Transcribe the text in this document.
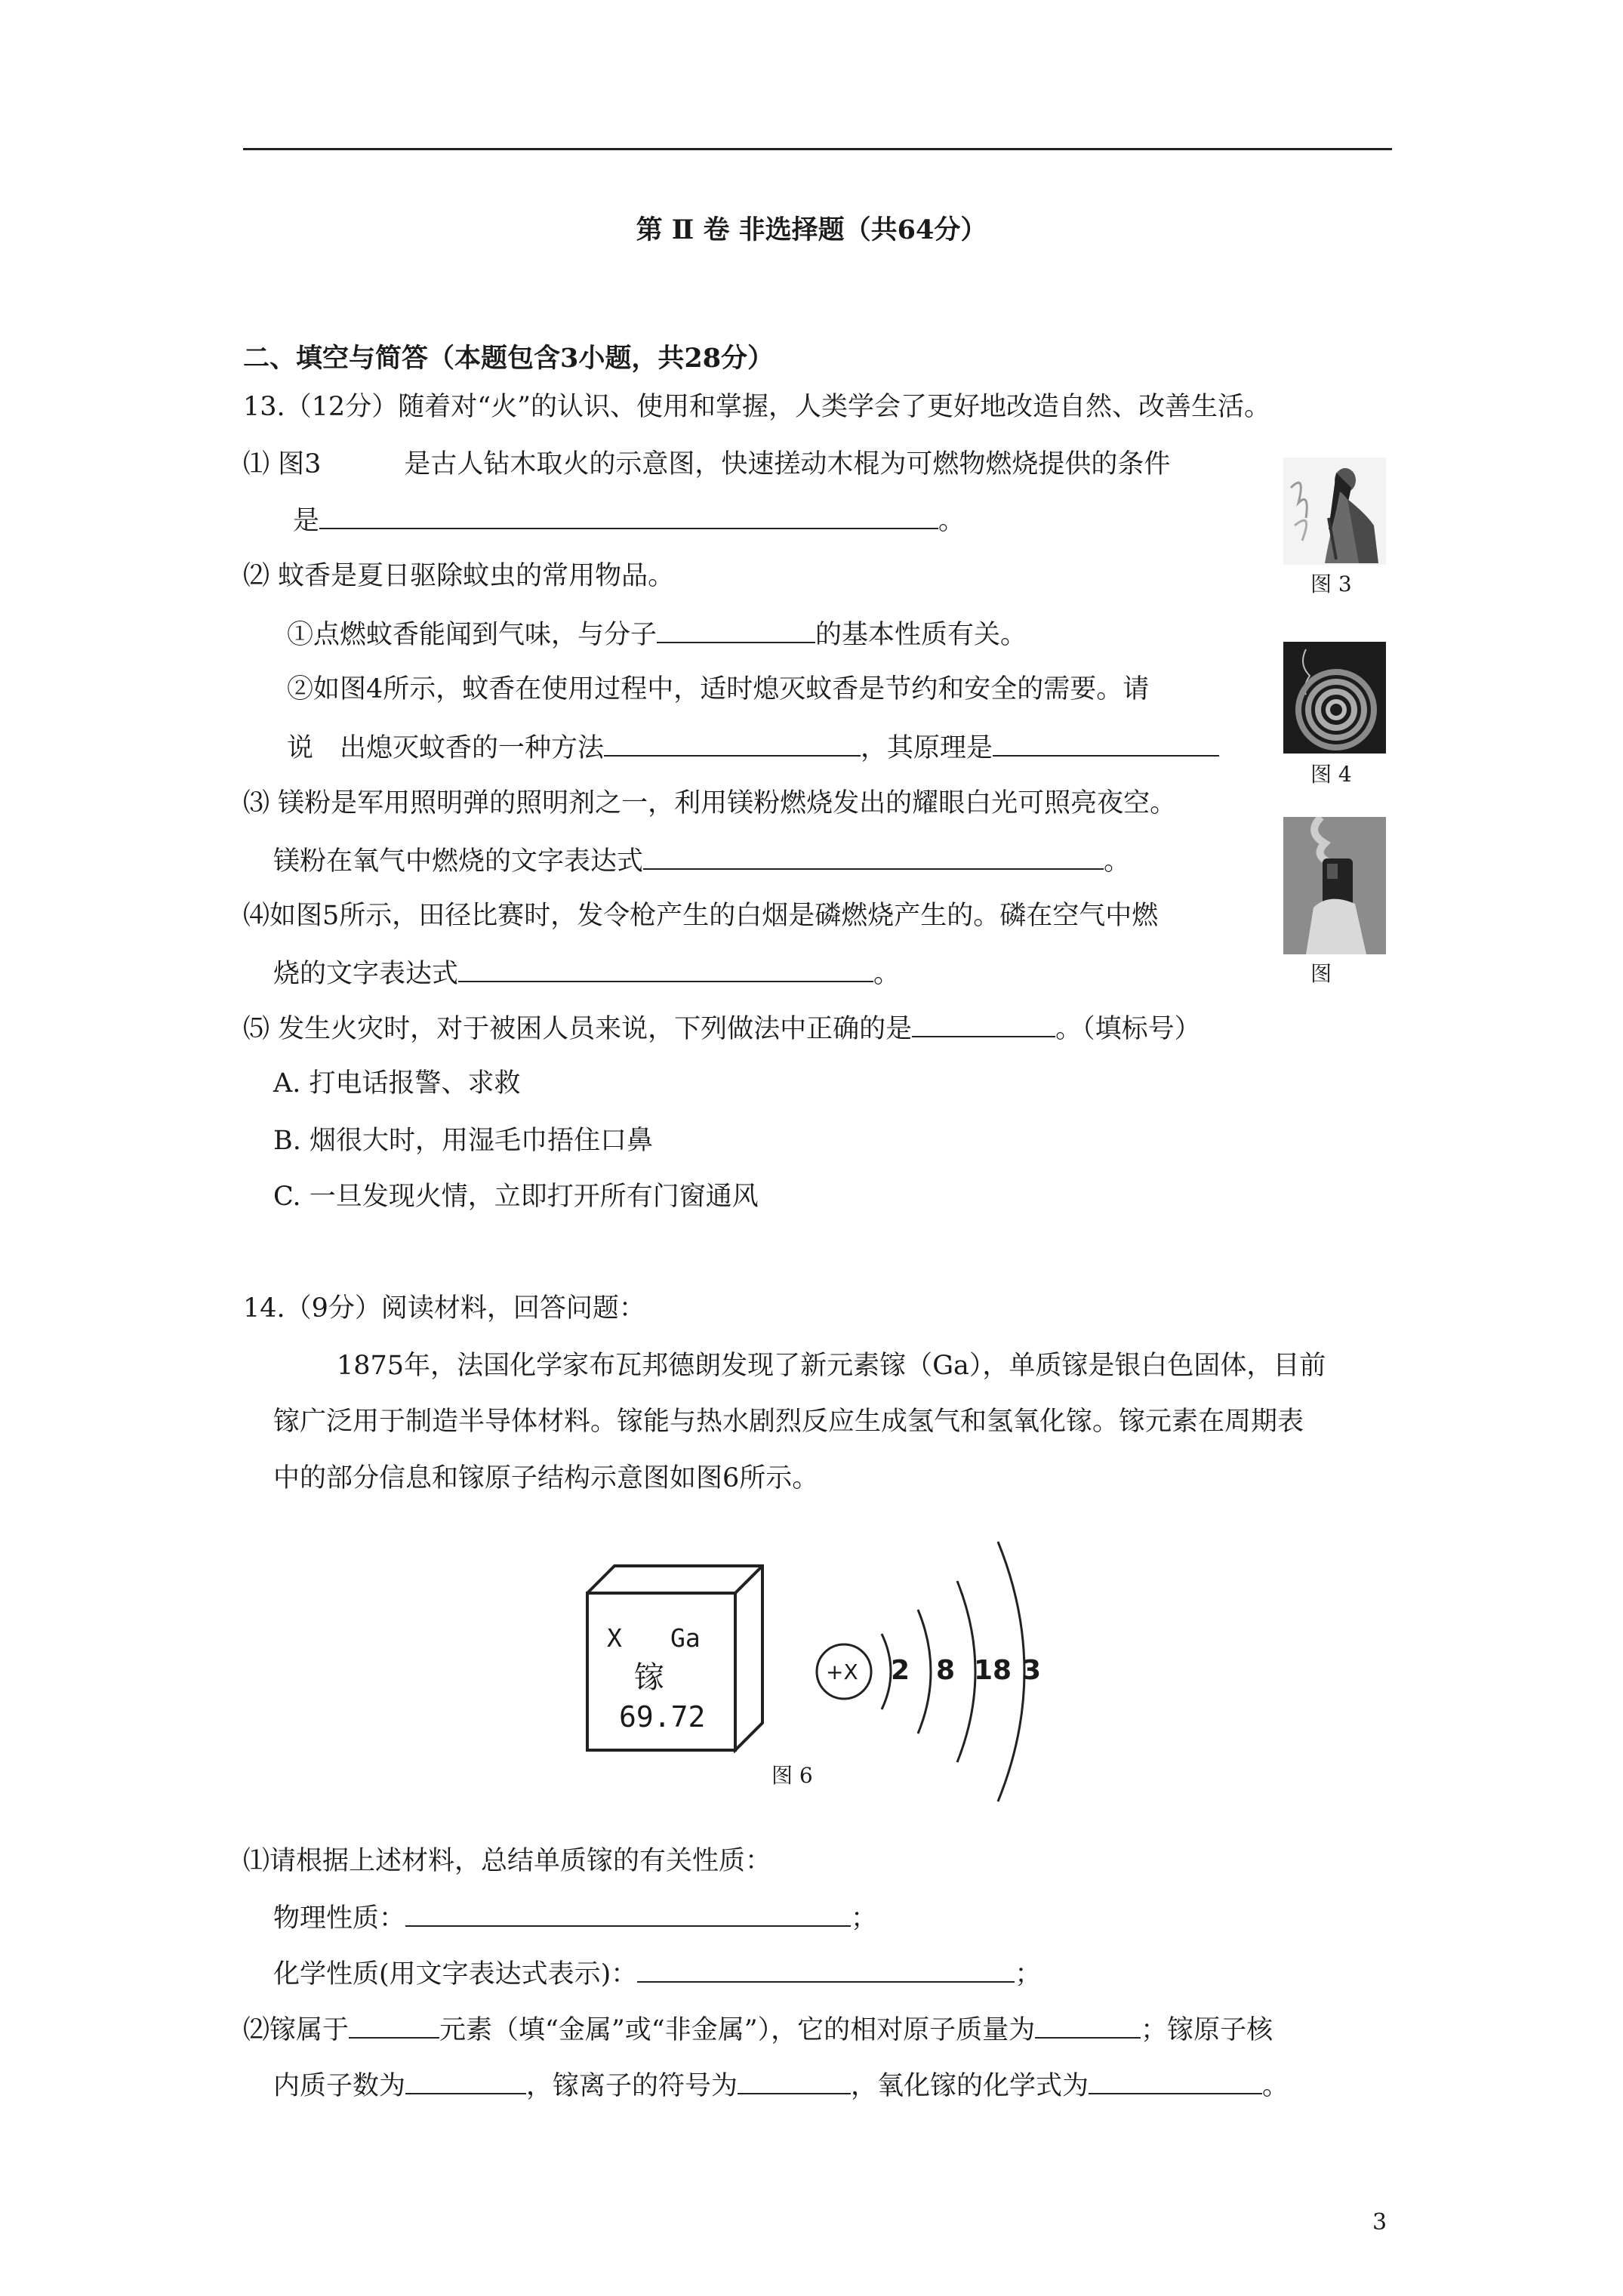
第 Ⅱ 卷 非选择题（共64分）
二、填空与简答（本题包含3小题，共28分）
13.（12分）随着对“火”的认识、使用和掌握，人类学会了更好地改造自然、改善生活。
⑴ 图3	是古人钻木取火的示意图，快速搓动木棍为可燃物燃烧提供的条件
是	。
⑵ 蚊香是夏日驱除蚊虫的常用物品。
①点燃蚊香能闻到气味，与分子	的基本性质有关。
②如图4所示，蚊香在使用过程中，适时熄灭蚊香是节约和安全的需要。请
说　出熄灭蚊香的一种方法	，其原理是
⑶ 镁粉是军用照明弹的照明剂之一，利用镁粉燃烧发出的耀眼白光可照亮夜空。
镁粉在氧气中燃烧的文字表达式	。
⑷如图5所示，田径比赛时，发令枪产生的白烟是磷燃烧产生的。磷在空气中燃
烧的文字表达式	。
⑸ 发生火灾时，对于被困人员来说，下列做法中正确的是	。（填标号）
A. 打电话报警、求救
B. 烟很大时，用湿毛巾捂住口鼻
C. 一旦发现火情，立即打开所有门窗通风
图 3
图 4
图
14.（9分）阅读材料，回答问题：
1875年，法国化学家布瓦邦德朗发现了新元素镓（Ga），单质镓是银白色固体，目前
镓广泛用于制造半导体材料。镓能与热水剧烈反应生成氢气和氢氧化镓。镓元素在周期表
中的部分信息和镓原子结构示意图如图6所示。
X Ga
镓
69.72
+X 2 8 18 3
图 6
⑴请根据上述材料，总结单质镓的有关性质：
物理性质：	；
化学性质(用文字表达式表示)：	；
⑵镓属于	元素（填“金属”或“非金属”），它的相对原子质量为	；镓原子核
内质子数为	，镓离子的符号为	，氧化镓的化学式为	。
3
